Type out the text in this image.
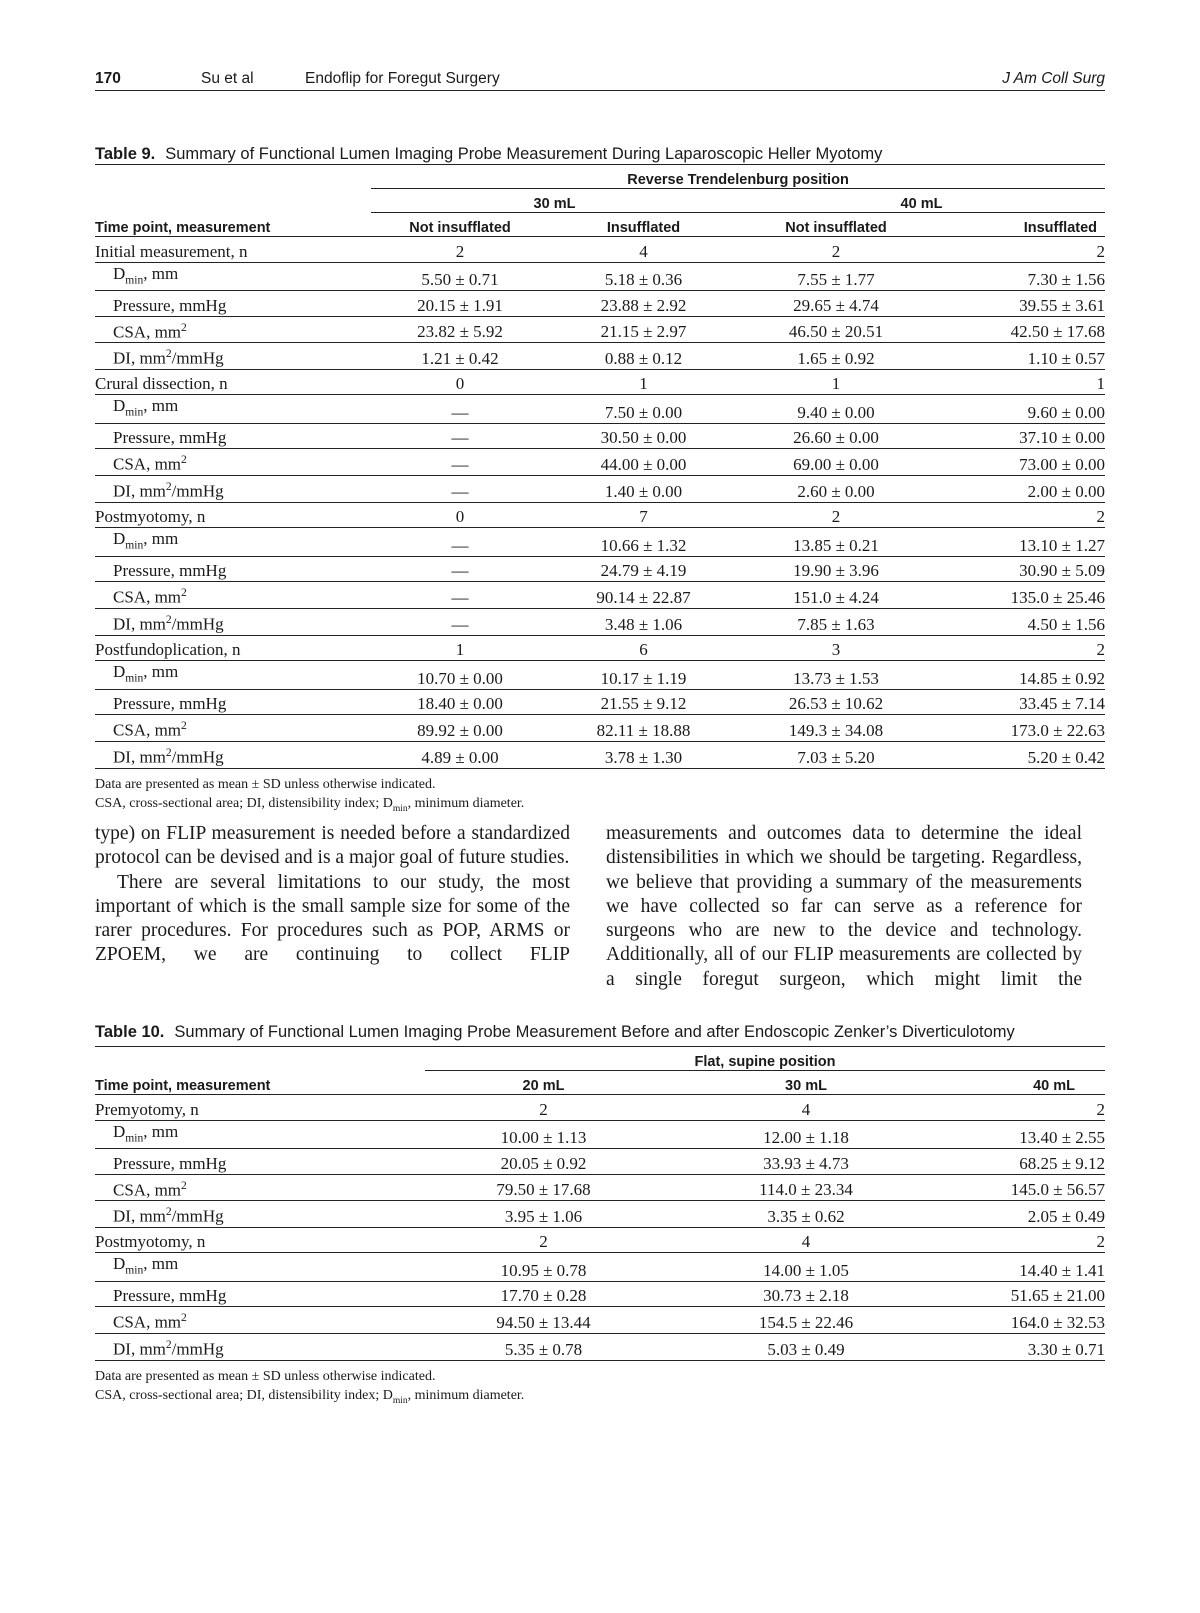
170	Su et al	Endoflip for Foregut Surgery	J Am Coll Surg
Table 9. Summary of Functional Lumen Imaging Probe Measurement During Laparoscopic Heller Myotomy
	Reverse Trendelenburg position			
	30 mL		40 mL	
Time point, measurement	Not insufflated	Insufflated	Not insufflated	Insufflated
Initial measurement, n	2	4	2	2
$D_{min}$, mm	5.50 ± 0.71	5.18 ± 0.36	7.55 ± 1.77	7.30 ± 1.56
Pressure, mmHg	20.15 ± 1.91	23.88 ± 2.92	29.65 ± 4.74	39.55 ± 3.61
CSA, $mm^2$	23.82 ± 5.92	21.15 ± 2.97	46.50 ± 20.51	42.50 ± 17.68
DI, $mm^2$/mmHg	1.21 ± 0.42	0.88 ± 0.12	1.65 ± 0.92	1.10 ± 0.57
Crural dissection, n	0	1	1	1
$D_{min}$, mm	—	7.50 ± 0.00	9.40 ± 0.00	9.60 ± 0.00
Pressure, mmHg	—	30.50 ± 0.00	26.60 ± 0.00	37.10 ± 0.00
CSA, $mm^2$	—	44.00 ± 0.00	69.00 ± 0.00	73.00 ± 0.00
DI, $mm^2$/mmHg	—	1.40 ± 0.00	2.60 ± 0.00	2.00 ± 0.00
Postmyotomy, n	0	7	2	2
$D_{min}$, mm	—	10.66 ± 1.32	13.85 ± 0.21	13.10 ± 1.27
Pressure, mmHg	—	24.79 ± 4.19	19.90 ± 3.96	30.90 ± 5.09
CSA, $mm^2$	—	90.14 ± 22.87	151.0 ± 4.24	135.0 ± 25.46
DI, $mm^2$/mmHg	—	3.48 ± 1.06	7.85 ± 1.63	4.50 ± 1.56
Postfundoplication, n	1	6	3	2
$D_{min}$, mm	10.70 ± 0.00	10.17 ± 1.19	13.73 ± 1.53	14.85 ± 0.92
Pressure, mmHg	18.40 ± 0.00	21.55 ± 9.12	26.53 ± 10.62	33.45 ± 7.14
CSA, $mm^2$	89.92 ± 0.00	82.11 ± 18.88	149.3 ± 34.08	173.0 ± 22.63
DI, $mm^2$/mmHg	4.89 ± 0.00	3.78 ± 1.30	7.03 ± 5.20	5.20 ± 0.42
Data are presented as mean ± SD unless otherwise indicated.
CSA, cross-sectional area; DI, distensibility index; $D_{min}$, minimum diameter.

type) on FLIP measurement is needed before a standardized protocol can be devised and is a major goal of future studies.

There are several limitations to our study, the most important of which is the small sample size for some of the rarer procedures. For procedures such as POP, ARMS or ZPOEM, we are continuing to collect FLIP

measurements and outcomes data to determine the ideal distensibilities in which we should be targeting. Regardless, we believe that providing a summary of the measurements we have collected so far can serve as a reference for surgeons who are new to the device and technology. Additionally, all of our FLIP measurements are collected by a single foregut surgeon, which might limit the

Table 10. Summary of Functional Lumen Imaging Probe Measurement Before and after Endoscopic Zenker’s Diverticulotomy
	Flat, supine position		
Time point, measurement	20 mL	30 mL	40 mL
Premyotomy, n	2	4	2
$D_{min}$, mm	10.00 ± 1.13	12.00 ± 1.18	13.40 ± 2.55
Pressure, mmHg	20.05 ± 0.92	33.93 ± 4.73	68.25 ± 9.12
CSA, $mm^2$	79.50 ± 17.68	114.0 ± 23.34	145.0 ± 56.57
DI, $mm^2$/mmHg	3.95 ± 1.06	3.35 ± 0.62	2.05 ± 0.49
Postmyotomy, n	2	4	2
$D_{min}$, mm	10.95 ± 0.78	14.00 ± 1.05	14.40 ± 1.41
Pressure, mmHg	17.70 ± 0.28	30.73 ± 2.18	51.65 ± 21.00
CSA, $mm^2$	94.50 ± 13.44	154.5 ± 22.46	164.0 ± 32.53
DI, $mm^2$/mmHg	5.35 ± 0.78	5.03 ± 0.49	3.30 ± 0.71
Data are presented as mean ± SD unless otherwise indicated.
CSA, cross-sectional area; DI, distensibility index; $D_{min}$, minimum diameter.
